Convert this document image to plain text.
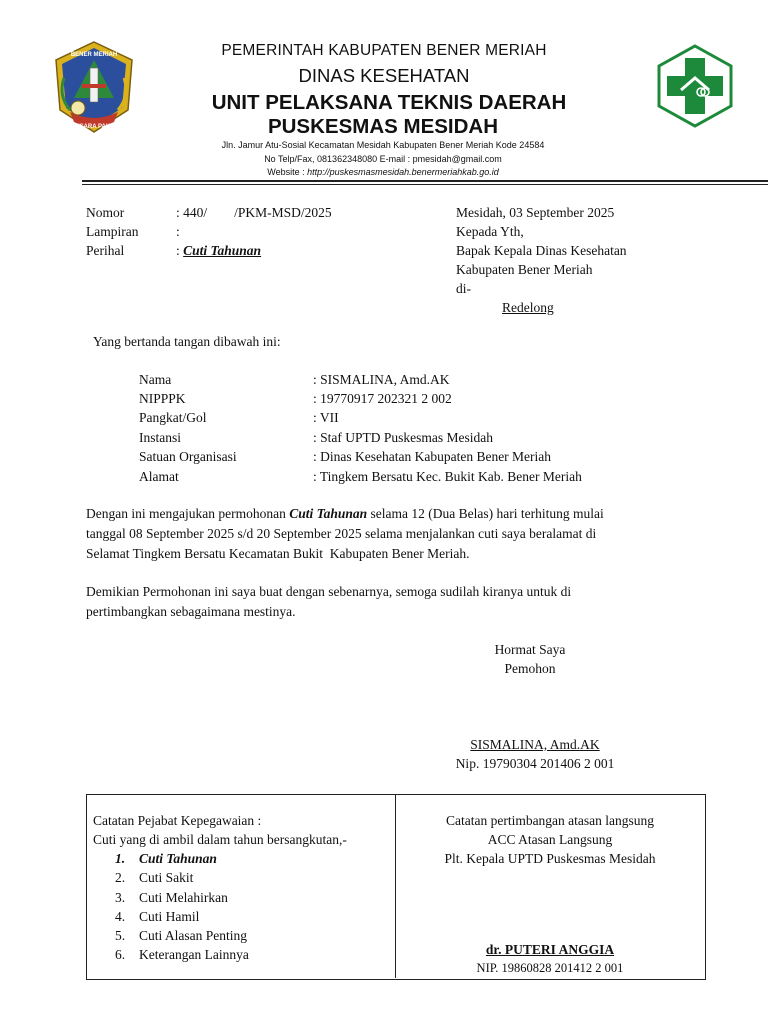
BENER MERIAH
MUSARA PAKAT
PEMERINTAH KABUPATEN BENER MERIAH
DINAS KESEHATAN
UNIT PELAKSANA TEKNIS DAERAH
PUSKESMAS MESIDAH
Jln. Jamur Atu-Sosial Kecamatan Mesidah Kabupaten Bener Meriah Kode 24584
No Telp/Fax, 081362348080 E-mail : pmesidah@gmail.com
Website : http://puskesmasmesidah.benermeriahkab.go.id
Nomor	: 440/        /PKM-MSD/2025
Lampiran	:
Perihal	: Cuti Tahunan
Mesidah, 03 September 2025
Kepada Yth,
Bapak Kepala Dinas Kesehatan
Kabupaten Bener Meriah
di-
Redelong
Yang bertanda tangan dibawah ini:
Nama	: SISMALINA, Amd.AK
NIPPPK	: 19770917 202321 2 002
Pangkat/Gol	: VII
Instansi	: Staf UPTD Puskesmas Mesidah
Satuan Organisasi	: Dinas Kesehatan Kabupaten Bener Meriah
Alamat	: Tingkem Bersatu Kec. Bukit Kab. Bener Meriah
Dengan ini mengajukan permohonan Cuti Tahunan selama 12 (Dua Belas) hari terhitung mulai
tanggal 08 September 2025 s/d 20 September 2025 selama menjalankan cuti saya beralamat di
Selamat Tingkem Bersatu Kecamatan Bukit  Kabupaten Bener Meriah.
Demikian Permohonan ini saya buat dengan sebenarnya, semoga sudilah kiranya untuk di
pertimbangkan sebagaimana mestinya.
Hormat Saya
Pemohon
SISMALINA, Amd.AK
Nip. 19790304 201406 2 001
Catatan Pejabat Kepegawaian :
Cuti yang di ambil dalam tahun bersangkutan,-
1. Cuti Tahunan
2. Cuti Sakit
3. Cuti Melahirkan
4. Cuti Hamil
5. Cuti Alasan Penting
6. Keterangan Lainnya
Catatan pertimbangan atasan langsung
ACC Atasan Langsung
Plt. Kepala UPTD Puskesmas Mesidah
dr. PUTERI ANGGIA
NIP. 19860828 201412 2 001
